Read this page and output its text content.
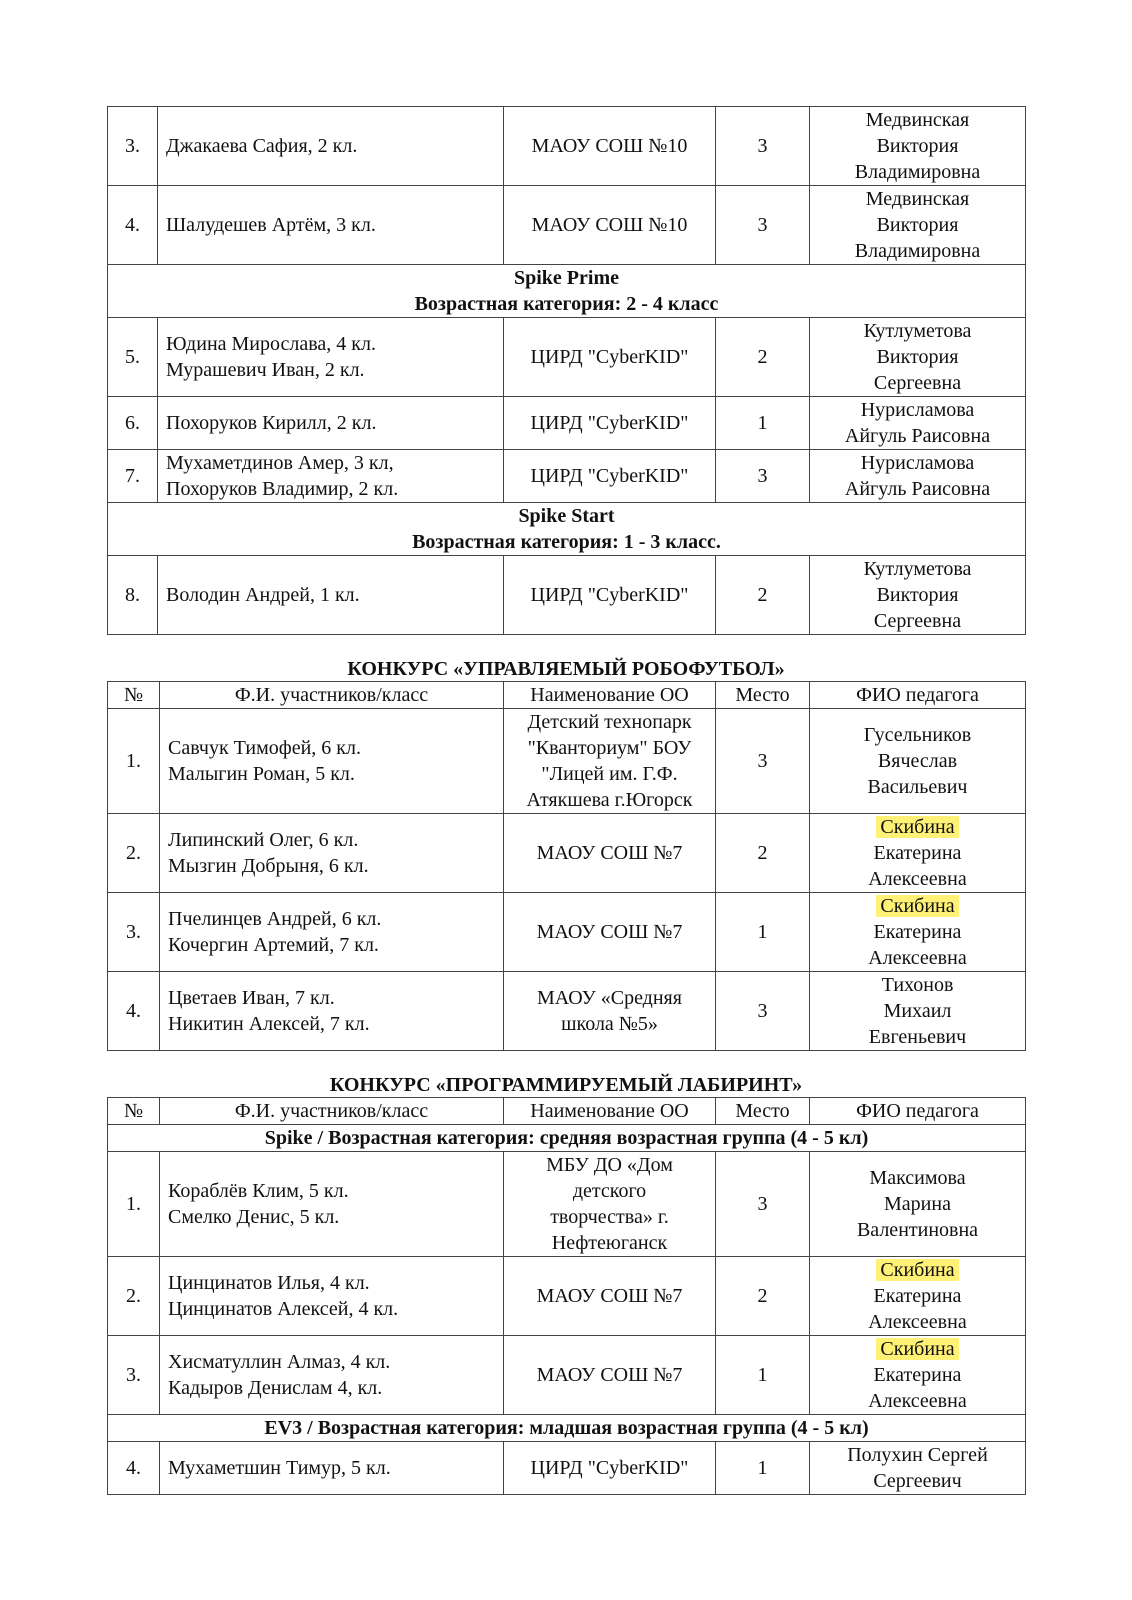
3.	Джакаева Сафия, 2 кл.	МАОУ СОШ №10	3	Медвинская
Виктория
Владимировна

4.	Шалудешев Артём, 3 кл.	МАОУ СОШ №10	3	Медвинская
Виктория
Владимировна

Spike Prime
Возрастная категория: 2 - 4 класс				

5.	Юдина Мирослава, 4 кл.
Мурашевич Иван, 2 кл.	ЦИРД "CyberKID"	2	Кутлуметова
Виктория
Сергеевна

6.	Похоруков Кирилл, 2 кл.	ЦИРД "CyberKID"	1	Нурисламова
Айгуль Раисовна

7.	Мухаметдинов Амер, 3 кл,
Похоруков Владимир, 2 кл.	ЦИРД "CyberKID"	3	Нурисламова
Айгуль Раисовна

Spike Start
Возрастная категория: 1 - 3 класс.				

8.	Володин Андрей, 1 кл.	ЦИРД "CyberKID"	2	Кутлуметова
Виктория
Сергеевна
КОНКУРС «УПРАВЛЯЕМЫЙ РОБОФУТБОЛ»
№	Ф.И. участников/класс	Наименование ОО	Место	ФИО педагога
1.	Савчук Тимофей, 6 кл.
Малыгин Роман, 5 кл.	Детский технопарк
"Кванториум" БОУ
"Лицей им. Г.Ф.
Атякшева г.Югорск	3	Гусельников
Вячеслав
Васильевич

2.	Липинский Олег, 6 кл.
Мызгин Добрыня, 6 кл.	МАОУ СОШ №7	2	Скибина
Екатерина
Алексеевна

3.	Пчелинцев Андрей, 6 кл.
Кочергин Артемий, 7 кл.	МАОУ СОШ №7	1	Скибина
Екатерина
Алексеевна

4.	Цветаев Иван, 7 кл.
Никитин Алексей, 7 кл.	МАОУ «Средняя
школа №5»	3	Тихонов
Михаил
Евгеньевич
КОНКУРС «ПРОГРАММИРУЕМЫЙ ЛАБИРИНТ»
№	Ф.И. участников/класс	Наименование ОО	Место	ФИО педагога
Spike / Возрастная категория: средняя возрастная группа (4 - 5 кл)				
1.	Кораблёв Клим, 5 кл.
Смелко Денис, 5 кл.	МБУ ДО «Дом
детского
творчества» г.
Нефтеюганск	3	Максимова
Марина
Валентиновна

2.	Цинцинатов Илья, 4 кл.
Цинцинатов Алексей, 4 кл.	МАОУ СОШ №7	2	Скибина
Екатерина
Алексеевна

3.	Хисматуллин Алмаз, 4 кл.
Кадыров Денислам 4, кл.	МАОУ СОШ №7	1	Скибина
Екатерина
Алексеевна

EV3 / Возрастная категория: младшая возрастная группа (4 - 5 кл)				
4.	Мухаметшин Тимур, 5 кл.	ЦИРД "CyberKID"	1	Полухин Сергей
Сергеевич
